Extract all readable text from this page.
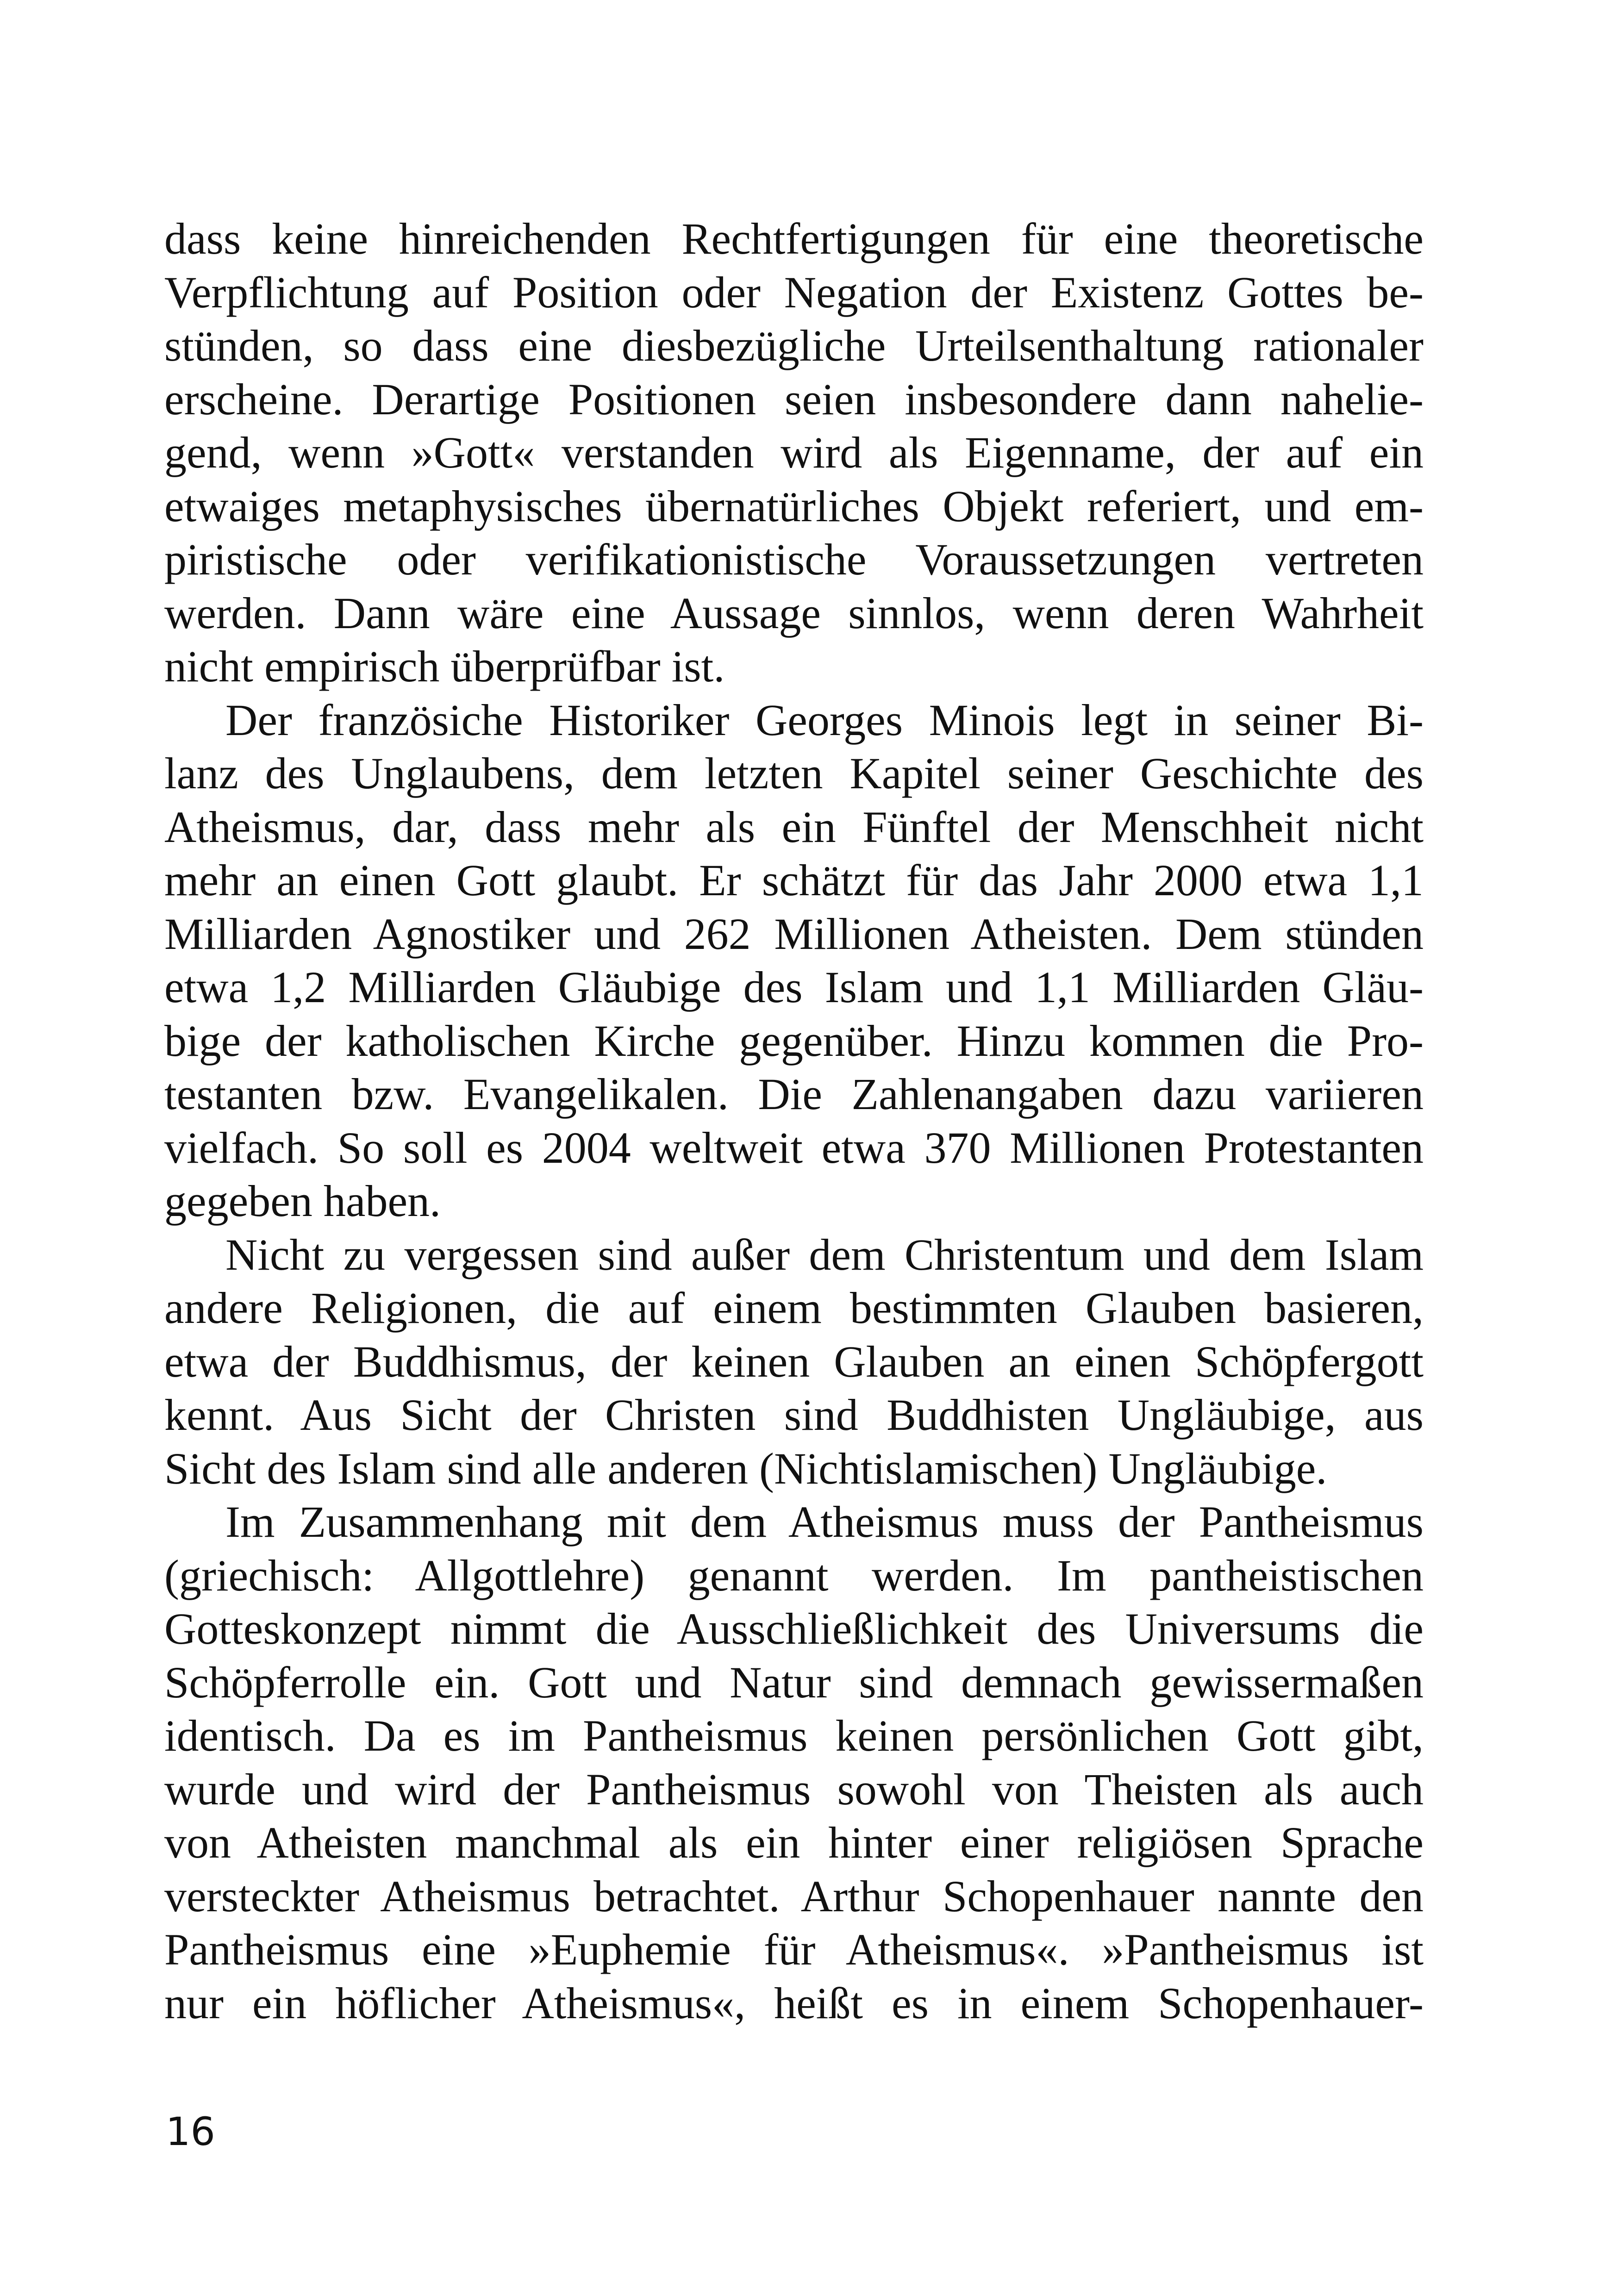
dass keine hinreichenden Rechtfertigungen für eine theoretische
Verpflichtung auf Position oder Negation der Existenz Gottes be-
stünden, so dass eine diesbezügliche Urteilsenthaltung rationaler
erscheine. Derartige Positionen seien insbesondere dann nahelie-
gend, wenn »Gott« verstanden wird als Eigenname, der auf ein
etwaiges metaphysisches übernatürliches Objekt referiert, und em-
piristische oder verifikationistische Voraussetzungen vertreten
werden. Dann wäre eine Aussage sinnlos, wenn deren Wahrheit
nicht empirisch überprüfbar ist.
Der französiche Historiker Georges Minois legt in seiner Bi-
lanz des Unglaubens, dem letzten Kapitel seiner Geschichte des
Atheismus, dar, dass mehr als ein Fünftel der Menschheit nicht
mehr an einen Gott glaubt. Er schätzt für das Jahr 2000 etwa 1,1
Milliarden Agnostiker und 262 Millionen Atheisten. Dem stünden
etwa 1,2 Milliarden Gläubige des Islam und 1,1 Milliarden Gläu-
bige der katholischen Kirche gegenüber. Hinzu kommen die Pro-
testanten bzw. Evangelikalen. Die Zahlenangaben dazu variieren
vielfach. So soll es 2004 weltweit etwa 370 Millionen Protestanten
gegeben haben.
Nicht zu vergessen sind außer dem Christentum und dem Islam
andere Religionen, die auf einem bestimmten Glauben basieren,
etwa der Buddhismus, der keinen Glauben an einen Schöpfergott
kennt. Aus Sicht der Christen sind Buddhisten Ungläubige, aus
Sicht des Islam sind alle anderen (Nichtislamischen) Ungläubige.
Im Zusammenhang mit dem Atheismus muss der Pantheismus
(griechisch: Allgottlehre) genannt werden. Im pantheistischen
Gotteskonzept nimmt die Ausschließlichkeit des Universums die
Schöpferrolle ein. Gott und Natur sind demnach gewissermaßen
identisch. Da es im Pantheismus keinen persönlichen Gott gibt,
wurde und wird der Pantheismus sowohl von Theisten als auch
von Atheisten manchmal als ein hinter einer religiösen Sprache
versteckter Atheismus betrachtet. Arthur Schopenhauer nannte den
Pantheismus eine »Euphemie für Atheismus«. »Pantheismus ist
nur ein höflicher Atheismus«, heißt es in einem Schopenhauer-
16
